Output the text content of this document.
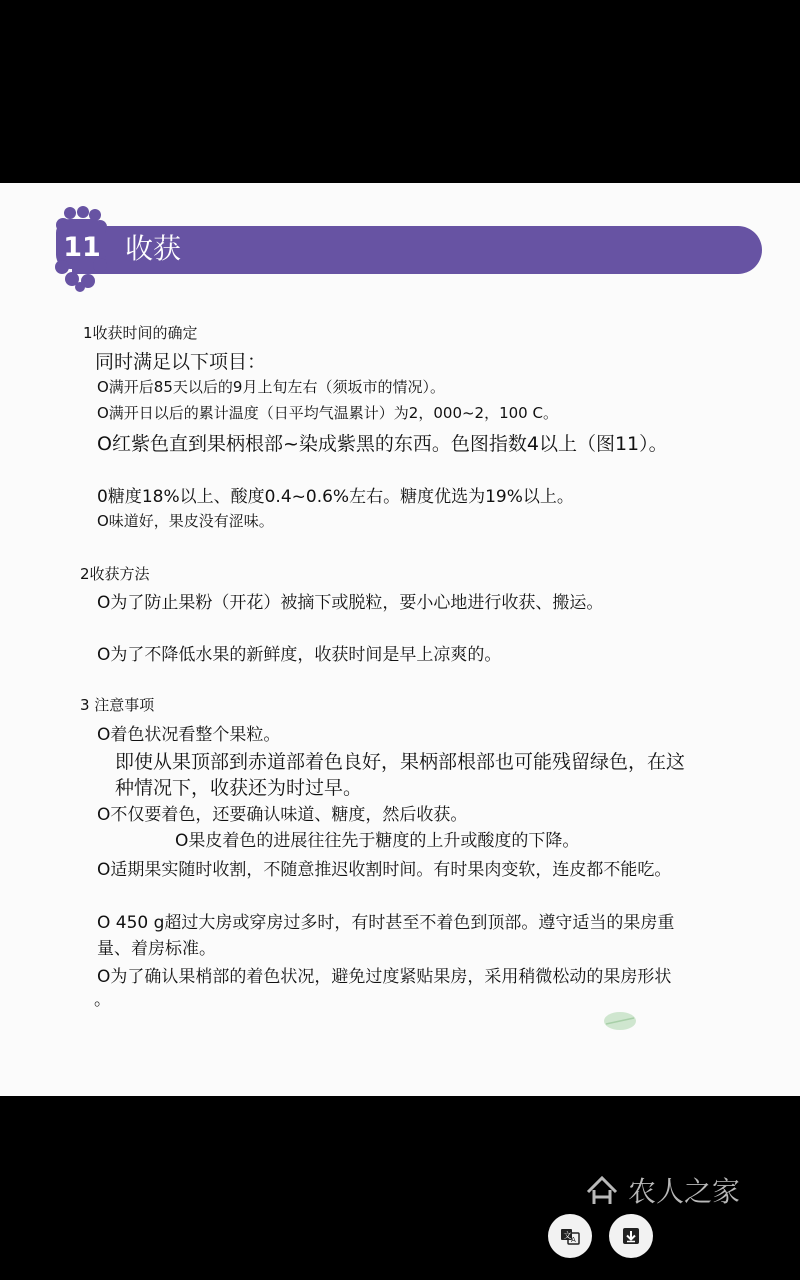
11 收获
1收获时间的确定
同时满足以下项目：
O满开后85天以后的9月上旬左右（须坂市的情况）。
O满开日以后的累计温度（日平均气温累计）为2，000~2，100 C。
O红紫色直到果柄根部~染成紫黑的东西。色图指数4以上（图11）。
0糖度18%以上、酸度0.4~0.6%左右。糖度优选为19%以上。
O味道好，果皮没有涩味。
2收获方法
O为了防止果粉（开花）被摘下或脱粒，要小心地进行收获、搬运。
O为了不降低水果的新鲜度，收获时间是早上凉爽的。
3 注意事项
O着色状况看整个果粒。
即使从果顶部到赤道部着色良好，果柄部根部也可能残留绿色，在这
种情况下，收获还为时过早。
O不仅要着色，还要确认味道、糖度，然后收获。
O果皮着色的进展往往先于糖度的上升或酸度的下降。
O适期果实随时收割，不随意推迟收割时间。有时果肉变软，连皮都不能吃。
O 450 g超过大房或穿房过多时，有时甚至不着色到顶部。遵守适当的果房重
量、着房标准。
O为了确认果梢部的着色状况，避免过度紧贴果房，采用稍微松动的果房形状
。
农人之家
文 A
